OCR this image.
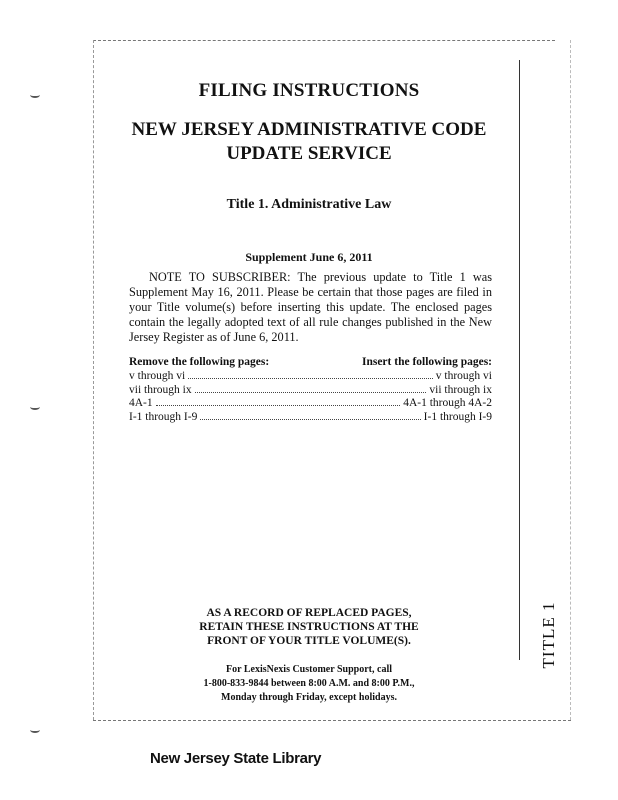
FILING INSTRUCTIONS
NEW JERSEY ADMINISTRATIVE CODE
UPDATE SERVICE
Title 1. Administrative Law
Supplement June 6, 2011
NOTE TO SUBSCRIBER: The previous update to Title 1 was Supplement May 16, 2011. Please be certain that those pages are filed in your Title volume(s) before inserting this update. The enclosed pages contain the legally adopted text of all rule changes published in the New Jersey Register as of June 6, 2011.
Remove the following pages:	Insert the following pages:
v through vi	v through vi
vii through ix	vii through ix
4A-1	4A-1 through 4A-2
I-1 through I-9	I-1 through I-9
AS A RECORD OF REPLACED PAGES,
RETAIN THESE INSTRUCTIONS AT THE
FRONT OF YOUR TITLE VOLUME(S).
For LexisNexis Customer Support, call
1-800-833-9844 between 8:00 A.M. and 8:00 P.M.,
Monday through Friday, except holidays.
TITLE 1
New Jersey State Library
